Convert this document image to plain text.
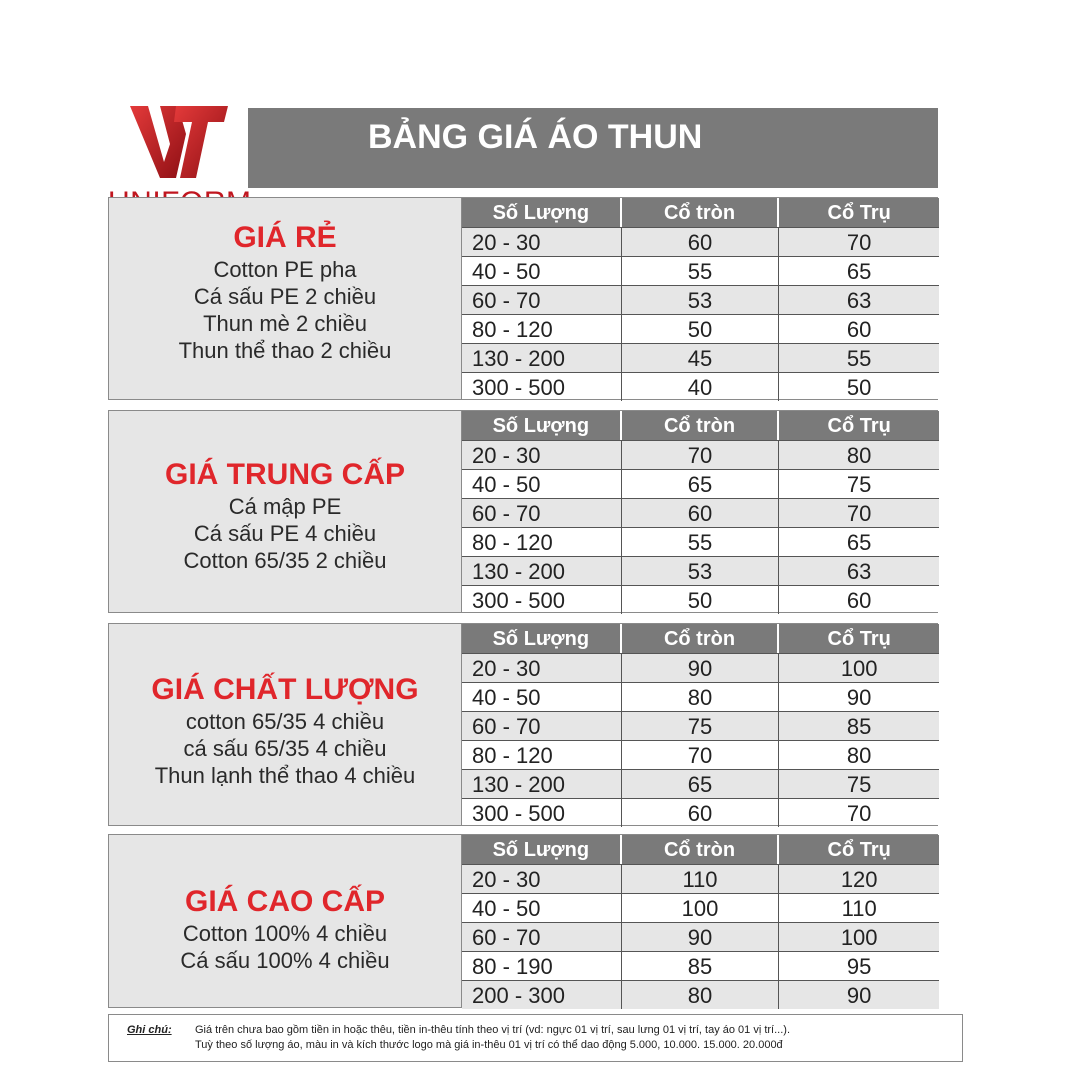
BẢNG GIÁ ÁO THUN
GIÁ RẺ
Cotton PE pha
Cá sấu PE 2 chiều
Thun mè 2 chiều
Thun thể thao 2 chiều
Số Lượng	Cổ tròn	Cổ Trụ
20 - 30	60	70
40 - 50	55	65
60 - 70	53	63
80 - 120	50	60
130 - 200	45	55
300 - 500	40	50
GIÁ TRUNG CẤP
Cá mập PE
Cá sấu PE 4 chiều
Cotton 65/35 2 chiều
Số Lượng	Cổ tròn	Cổ Trụ
20 - 30	70	80
40 - 50	65	75
60 - 70	60	70
80 - 120	55	65
130 - 200	53	63
300 - 500	50	60
GIÁ CHẤT LƯỢNG
cotton 65/35 4 chiều
cá sấu 65/35 4 chiều
Thun lạnh thể thao 4 chiều
Số Lượng	Cổ tròn	Cổ Trụ
20 - 30	90	100
40 - 50	80	90
60 - 70	75	85
80 - 120	70	80
130 - 200	65	75
300 - 500	60	70
GIÁ CAO CẤP
Cotton 100% 4 chiều
Cá sấu 100% 4 chiều
Số Lượng	Cổ tròn	Cổ Trụ
20 - 30	110	120
40 - 50	100	110
60 - 70	90	100
80 - 190	85	95
200 - 300	80	90
Ghi chú: Giá trên chưa bao gồm tiền in hoặc thêu, tiền in-thêu tính theo vị trí (vd: ngực 01 vị trí, sau lưng 01 vị trí, tay áo 01 vị trí...).
Tuỳ theo số lượng áo, màu in và kích thước logo mà giá in-thêu 01 vị trí có thể dao động 5.000, 10.000. 15.000. 20.000đ
